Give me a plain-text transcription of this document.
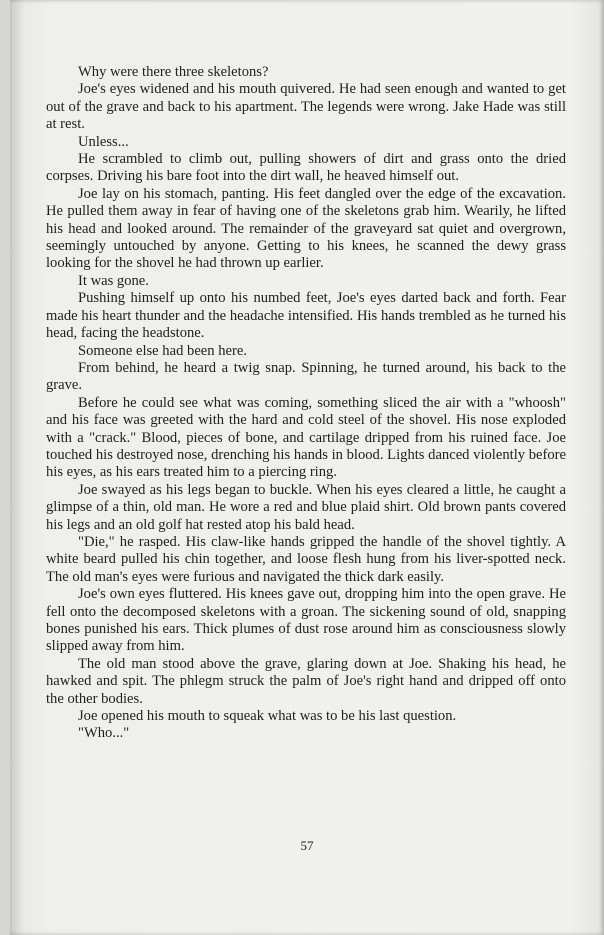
Why were there three skeletons?

Joe's eyes widened and his mouth quivered. He had seen enough and wanted to get out of the grave and back to his apartment. The legends were wrong. Jake Hade was still at rest.

Unless...

He scrambled to climb out, pulling showers of dirt and grass onto the dried corpses. Driving his bare foot into the dirt wall, he heaved himself out.

Joe lay on his stomach, panting. His feet dangled over the edge of the excavation. He pulled them away in fear of having one of the skeletons grab him. Wearily, he lifted his head and looked around. The remainder of the graveyard sat quiet and overgrown, seemingly untouched by anyone. Getting to his knees, he scanned the dewy grass looking for the shovel he had thrown up earlier.

It was gone.

Pushing himself up onto his numbed feet, Joe's eyes darted back and forth. Fear made his heart thunder and the headache intensified. His hands trembled as he turned his head, facing the headstone.

Someone else had been here.

From behind, he heard a twig snap. Spinning, he turned around, his back to the grave.

Before he could see what was coming, something sliced the air with a "whoosh" and his face was greeted with the hard and cold steel of the shovel. His nose exploded with a "crack." Blood, pieces of bone, and cartilage dripped from his ruined face. Joe touched his destroyed nose, drenching his hands in blood. Lights danced violently before his eyes, as his ears treated him to a piercing ring.

Joe swayed as his legs began to buckle. When his eyes cleared a little, he caught a glimpse of a thin, old man. He wore a red and blue plaid shirt. Old brown pants covered his legs and an old golf hat rested atop his bald head.

"Die," he rasped. His claw-like hands gripped the handle of the shovel tightly. A white beard pulled his chin together, and loose flesh hung from his liver-spotted neck. The old man's eyes were furious and navigated the thick dark easily.

Joe's own eyes fluttered. His knees gave out, dropping him into the open grave. He fell onto the decomposed skeletons with a groan. The sickening sound of old, snapping bones punished his ears. Thick plumes of dust rose around him as consciousness slowly slipped away from him.

The old man stood above the grave, glaring down at Joe. Shaking his head, he hawked and spit. The phlegm struck the palm of Joe's right hand and dripped off onto the other bodies.

Joe opened his mouth to squeak what was to be his last question.

"Who..."

57
